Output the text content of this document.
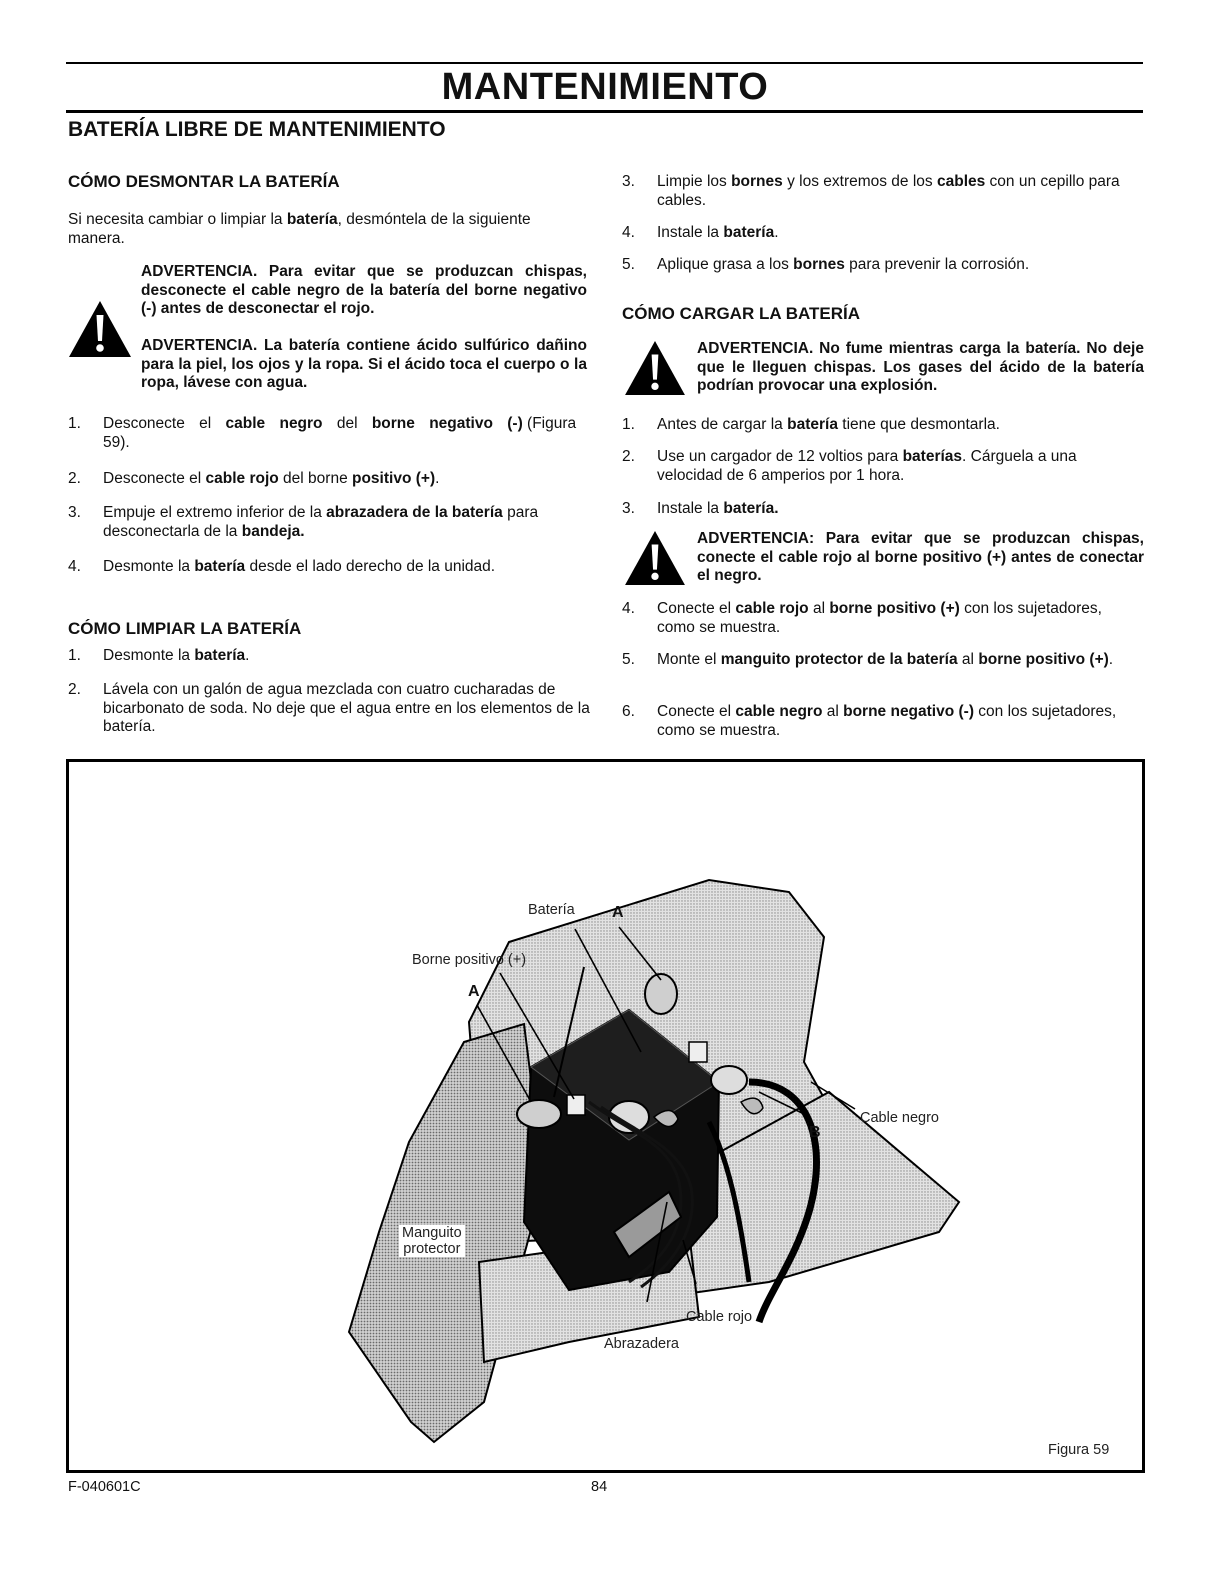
MANTENIMIENTO
BATERÍA LIBRE DE MANTENIMIENTO
CÓMO DESMONTAR LA BATERÍA
Si necesita cambiar o limpiar la batería, desmóntela de la siguiente manera.
ADVERTENCIA. Para evitar que se produzcan chispas, desconecte el cable negro de la batería del borne negativo (-) antes de desconectar el rojo.
ADVERTENCIA. La batería contiene ácido sulfúrico dañino para la piel, los ojos y la ropa. Si el ácido toca el cuerpo o la ropa, lávese con agua.
1.	Desconecte el cable negro del borne negativo (-) (Figura 59).
2.	Desconecte el cable rojo del borne positivo (+).
3.	Empuje el extremo inferior de la abrazadera de la batería para desconectarla de la bandeja.
4.	Desmonte la batería desde el lado derecho de la unidad.
CÓMO LIMPIAR LA BATERÍA
1.	Desmonte la batería.
2.	Lávela con un galón de agua mezclada con cuatro cucharadas de bicarbonato de soda. No deje que el agua entre en los elementos de la batería.
3.	Limpie los bornes y los extremos de los cables con un cepillo para cables.
4.	Instale la batería.
5.	Aplique grasa a los bornes para prevenir la corrosión.
CÓMO CARGAR LA BATERÍA
ADVERTENCIA. No fume mientras carga la batería. No deje que le lleguen chispas. Los gases del ácido de la batería podrían provocar una explosión.
1.	Antes de cargar la batería tiene que desmontarla.
2.	Use un cargador de 12 voltios para baterías. Cárguela a una velocidad de 6 amperios por 1 hora.
3.	Instale la batería.
ADVERTENCIA: Para evitar que se produzcan chispas, conecte el cable rojo al borne positivo (+) antes de conectar el negro.
4.	Conecte el cable rojo al borne positivo (+) con los sujetadores, como se muestra.
5.	Monte el manguito protector de la batería al borne positivo (+).
6.	Conecte el cable negro al borne negativo (-) con los sujetadores, como se muestra.
Batería A
Borne positivo (+)
A
Cable negro
B
Manguito
protector
Cable rojo
Abrazadera
Figura 59
F-040601C	84
